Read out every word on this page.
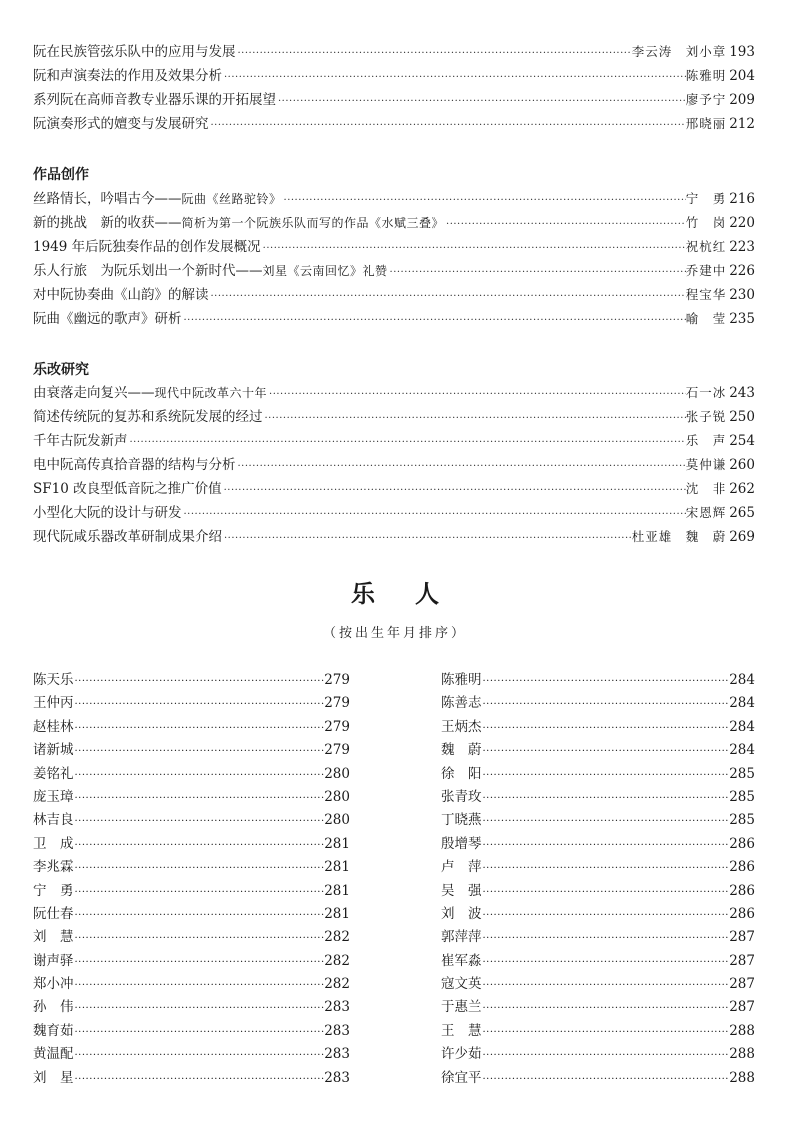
阮在民族管弦乐队中的应用与发展 ·····	李云涛　刘小章 193
阮和声演奏法的作用及效果分析 ·····	陈雅明 204
系列阮在高师音教专业器乐课的开拓展望 ·····	廖予宁 209
阮演奏形式的嬗变与发展研究 ·····	邢晓丽 212
作品创作
丝路情长，吟唱古今—— 阮曲《丝路驼铃》 ·····	宁　勇 216
新的挑战　新的收获—— 简析为第一个阮族乐队而写的作品《水赋三叠》 ·····	竹　岗 220
1949 年后阮独奏作品的创作发展概况 ·····	祝杭红 223
乐人行旅　为阮乐划出一个新时代—— 刘星《云南回忆》礼赞 ·····	乔建中 226
对中阮协奏曲《山韵》的解读 ·····	程宝华 230
阮曲《幽远的歌声》研析 ·····	喻　莹 235
乐改研究
由衰落走向复兴—— 现代中阮改革六十年 ·····	石一冰 243
简述传统阮的复苏和系统阮发展的经过 ·····	张子锐 250
千年古阮发新声 ·····	乐　声 254
电中阮高传真拾音器的结构与分析 ·····	莫仲谦 260
SF10 改良型低音阮之推广价值 ·····	沈　非 262
小型化大阮的设计与研发 ·····	宋恩辉 265
现代阮咸乐器改革研制成果介绍 ·····	杜亚雄　魏　蔚 269
乐人
（按出生年月排序）
陈天乐 ·····	279
王仲丙 ·····	279
赵桂林 ·····	279
诸新城 ·····	279
姜铭礼 ·····	280
庞玉璋 ·····	280
林吉良 ·····	280
卫　成 ·····	281
李兆霖 ·····	281
宁　勇 ·····	281
阮仕春 ·····	281
刘　慧 ·····	282
谢声驿 ·····	282
郑小冲 ·····	282
孙　伟 ·····	283
魏育茹 ·····	283
黄温配 ·····	283
刘　星 ·····	283
陈雅明 ·····	284
陈善志 ·····	284
王炳杰 ·····	284
魏　蔚 ·····	284
徐　阳 ·····	285
张青玫 ·····	285
丁晓燕 ·····	285
殷增琴 ·····	286
卢　萍 ·····	286
吴　强 ·····	286
刘　波 ·····	286
郭萍萍 ·····	287
崔军淼 ·····	287
寇文英 ·····	287
于惠兰 ·····	287
王　慧 ·····	288
许少茹 ·····	288
徐宜平 ·····	288
